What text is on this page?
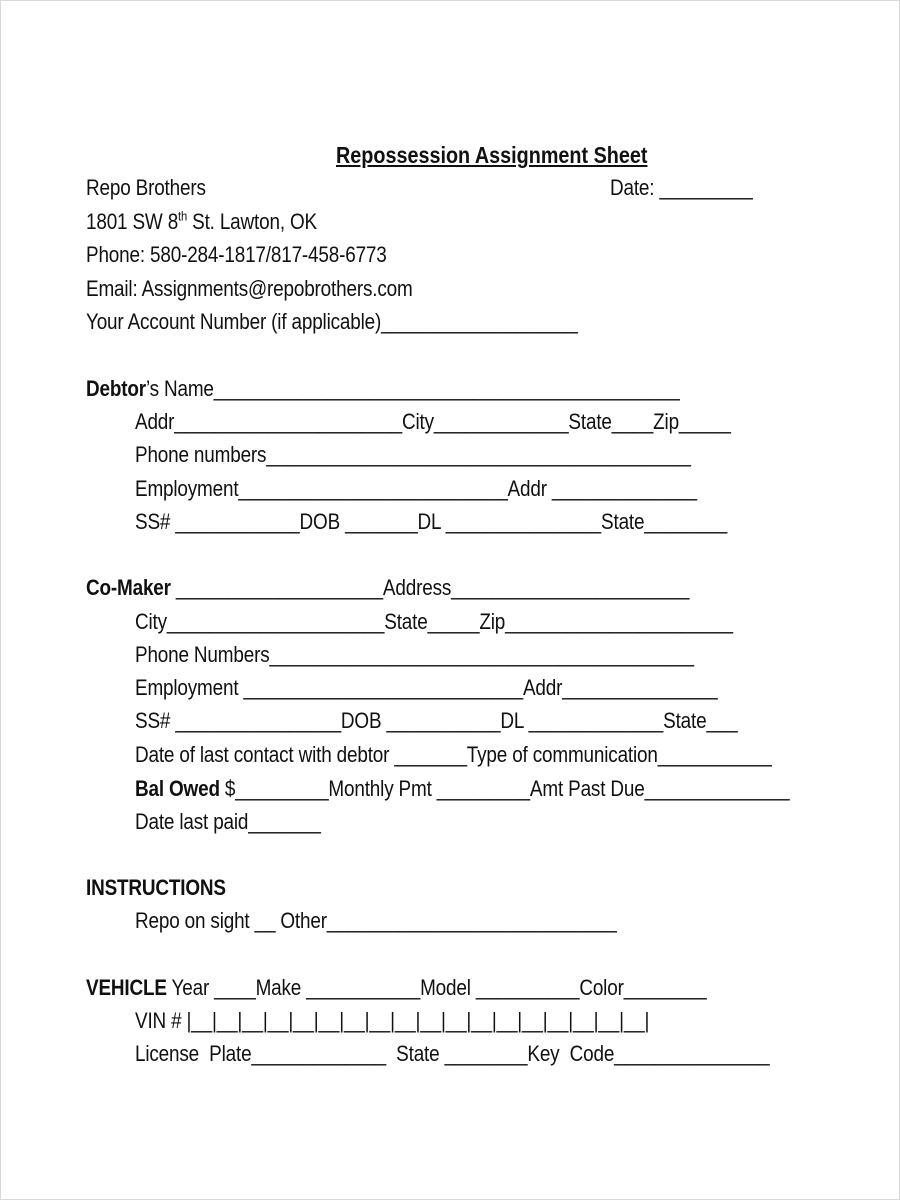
Repossession Assignment Sheet
Repo Brothers	Date: _________
1801 SW 8th St. Lawton, OK
Phone: 580-284-1817/817-458-6773
Email: Assignments@repobrothers.com
Your Account Number (if applicable)___________________
Debtor’s Name_____________________________________________
Addr______________________City_____________State____Zip_____
Phone numbers_________________________________________
Employment__________________________Addr ______________
SS# ____________DOB _______DL _______________State________
Co-Maker ____________________Address_______________________
City_____________________State_____Zip______________________
Phone Numbers_________________________________________
Employment ___________________________Addr_______________
SS# ________________DOB ___________DL _____________State___
Date of last contact with debtor _______Type of communication___________
Bal Owed $_________Monthly Pmt _________Amt Past Due______________
Date last paid_______
INSTRUCTIONS
Repo on sight __ Other____________________________
VEHICLE Year ____Make ___________Model __________Color________
VIN # |__|__|__|__|__|__|__|__|__|__|__|__|__|__|__|__|__|__|
License  Plate_____________  State ________Key  Code_______________
